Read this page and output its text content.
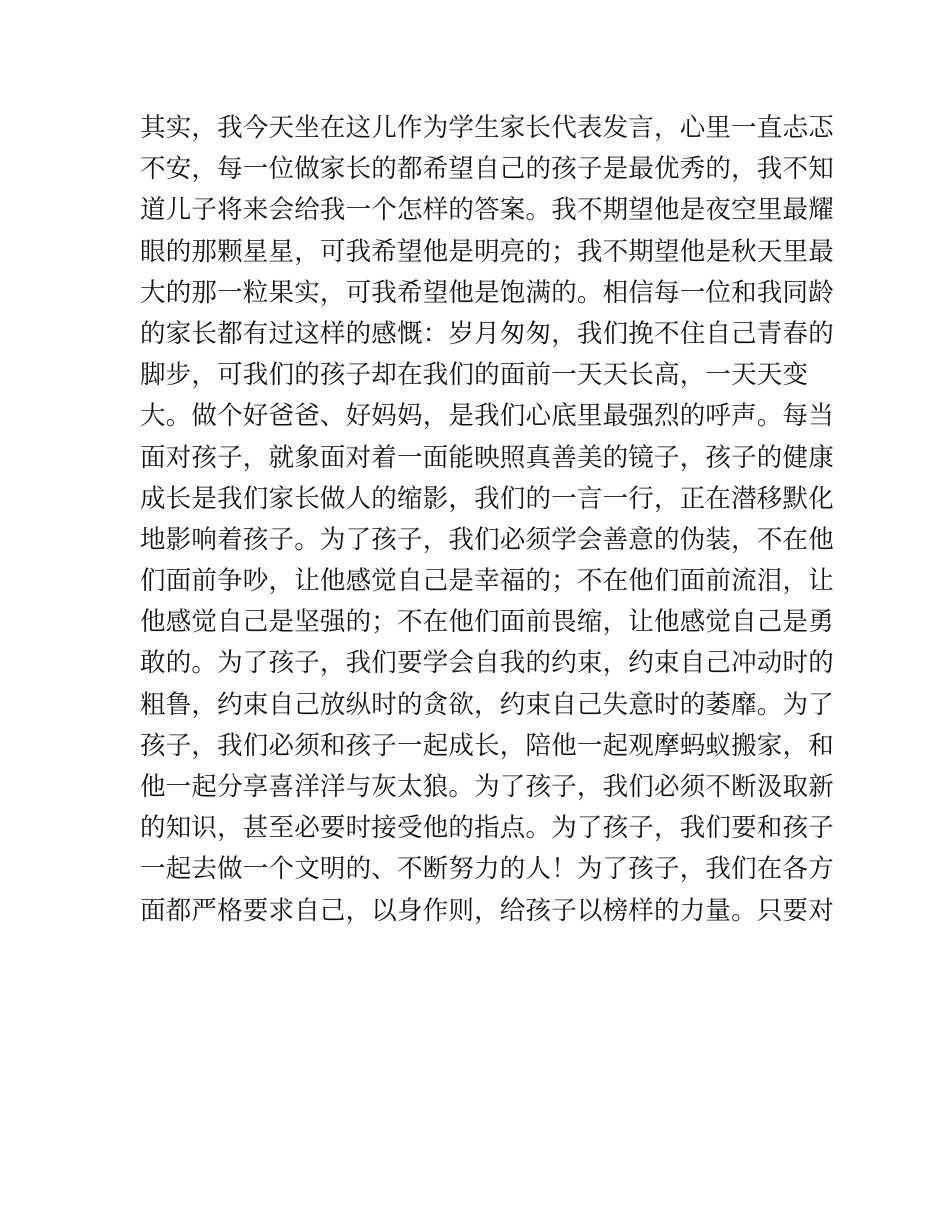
其实，我今天坐在这儿作为学生家长代表发言，心里一直忐忑
不安，每一位做家长的都希望自己的孩子是最优秀的，我不知
道儿子将来会给我一个怎样的答案。我不期望他是夜空里最耀
眼的那颗星星，可我希望他是明亮的；我不期望他是秋天里最
大的那一粒果实，可我希望他是饱满的。相信每一位和我同龄
的家长都有过这样的感慨：岁月匆匆，我们挽不住自己青春的
脚步，可我们的孩子却在我们的面前一天天长高，一天天变
大。做个好爸爸、好妈妈，是我们心底里最强烈的呼声。每当
面对孩子，就象面对着一面能映照真善美的镜子，孩子的健康
成长是我们家长做人的缩影，我们的一言一行，正在潜移默化
地影响着孩子。为了孩子，我们必须学会善意的伪装，不在他
们面前争吵，让他感觉自己是幸福的；不在他们面前流泪，让
他感觉自己是坚强的；不在他们面前畏缩，让他感觉自己是勇
敢的。为了孩子，我们要学会自我的约束，约束自己冲动时的
粗鲁，约束自己放纵时的贪欲，约束自己失意时的萎靡。为了
孩子，我们必须和孩子一起成长，陪他一起观摩蚂蚁搬家，和
他一起分享喜洋洋与灰太狼。为了孩子，我们必须不断汲取新
的知识，甚至必要时接受他的指点。为了孩子，我们要和孩子
一起去做一个文明的、不断努力的人！为了孩子，我们在各方
面都严格要求自己，以身作则，给孩子以榜样的力量。只要对
